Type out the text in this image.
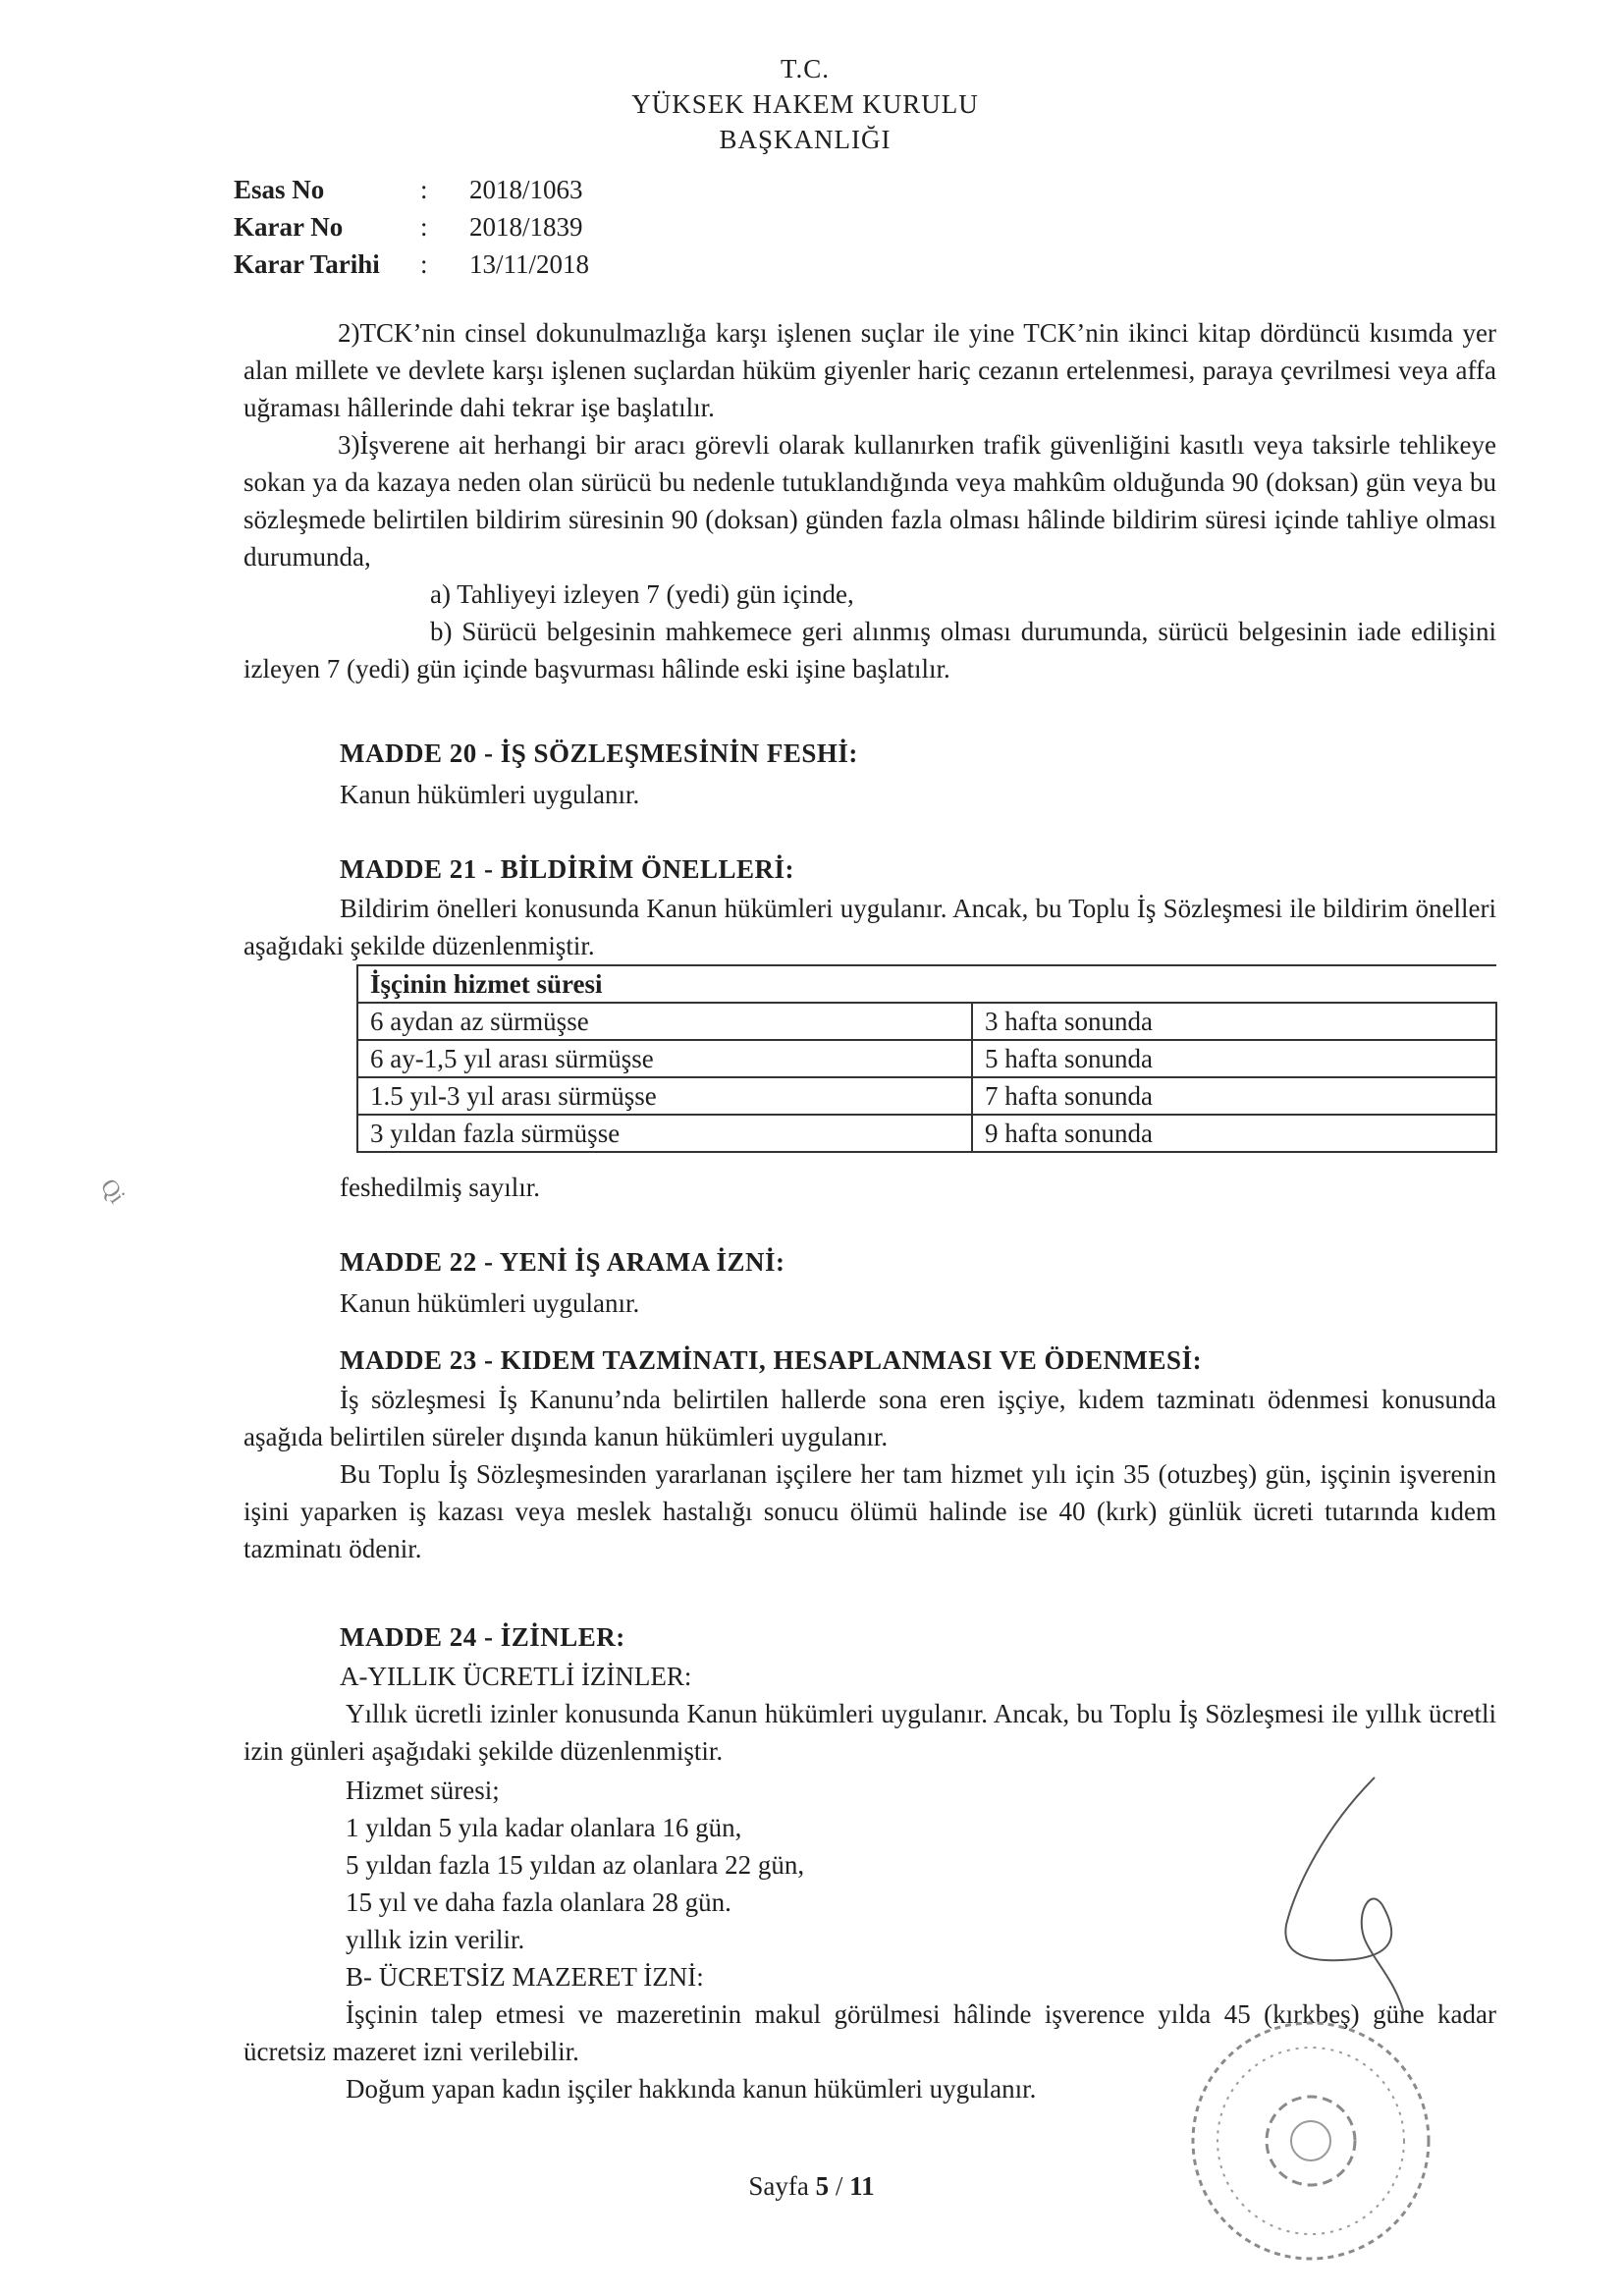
T.C.
YÜKSEK HAKEM KURULU
BAŞKANLIĞI
Esas No	:	2018/1063
Karar No	:	2018/1839
Karar Tarihi	:	13/11/2018
2)TCK’nin cinsel dokunulmazlığa karşı işlenen suçlar ile yine TCK’nin ikinci kitap dördüncü kısımda yer alan millete ve devlete karşı işlenen suçlardan hüküm giyenler hariç cezanın ertelenmesi, paraya çevrilmesi veya affa uğraması hâllerinde dahi tekrar işe başlatılır.
3)İşverene ait herhangi bir aracı görevli olarak kullanırken trafik güvenliğini kasıtlı veya taksirle tehlikeye sokan ya da kazaya neden olan sürücü bu nedenle tutuklandığında veya mahkûm olduğunda 90 (doksan) gün veya bu sözleşmede belirtilen bildirim süresinin 90 (doksan) günden fazla olması hâlinde bildirim süresi içinde tahliye olması durumunda,
a) Tahliyeyi izleyen 7 (yedi) gün içinde,
b) Sürücü belgesinin mahkemece geri alınmış olması durumunda, sürücü belgesinin iade edilişini izleyen 7 (yedi) gün içinde başvurması hâlinde eski işine başlatılır.
MADDE 20 - İŞ SÖZLEŞMESİNİN FESHİ:
Kanun hükümleri uygulanır.
MADDE 21 - BİLDİRİM ÖNELLERİ:
Bildirim önelleri konusunda Kanun hükümleri uygulanır. Ancak, bu Toplu İş Sözleşmesi ile bildirim önelleri aşağıdaki şekilde düzenlenmiştir.
İşçinin hizmet süresi	
6 aydan az sürmüşse	3 hafta sonunda
6 ay-1,5 yıl arası sürmüşse	5 hafta sonunda
1.5 yıl-3 yıl arası sürmüşse	7 hafta sonunda
3 yıldan fazla sürmüşse	9 hafta sonunda
feshedilmiş sayılır.
Qi
MADDE 22 - YENİ İŞ ARAMA İZNİ:
Kanun hükümleri uygulanır.
MADDE 23 - KIDEM TAZMİNATI, HESAPLANMASI VE ÖDENMESİ:
İş sözleşmesi İş Kanunu’nda belirtilen hallerde sona eren işçiye, kıdem tazminatı ödenmesi konusunda aşağıda belirtilen süreler dışında kanun hükümleri uygulanır.
Bu Toplu İş Sözleşmesinden yararlanan işçilere her tam hizmet yılı için 35 (otuzbeş) gün, işçinin işverenin işini yaparken iş kazası veya meslek hastalığı sonucu ölümü halinde ise 40 (kırk) günlük ücreti tutarında kıdem tazminatı ödenir.
MADDE 24 - İZİNLER:
A-YILLIK ÜCRETLİ İZİNLER:
Yıllık ücretli izinler konusunda Kanun hükümleri uygulanır. Ancak, bu Toplu İş Sözleşmesi ile yıllık ücretli izin günleri aşağıdaki şekilde düzenlenmiştir.
Hizmet süresi;
1 yıldan 5 yıla kadar olanlara 16 gün,
5 yıldan fazla 15 yıldan az olanlara 22 gün,
15 yıl ve daha fazla olanlara 28 gün.
yıllık izin verilir.
B- ÜCRETSİZ MAZERET İZNİ:
İşçinin talep etmesi ve mazeretinin makul görülmesi hâlinde işverence yılda 45 (kırkbeş) güne kadar ücretsiz mazeret izni verilebilir.
Doğum yapan kadın işçiler hakkında kanun hükümleri uygulanır.
Sayfa 5 / 11
